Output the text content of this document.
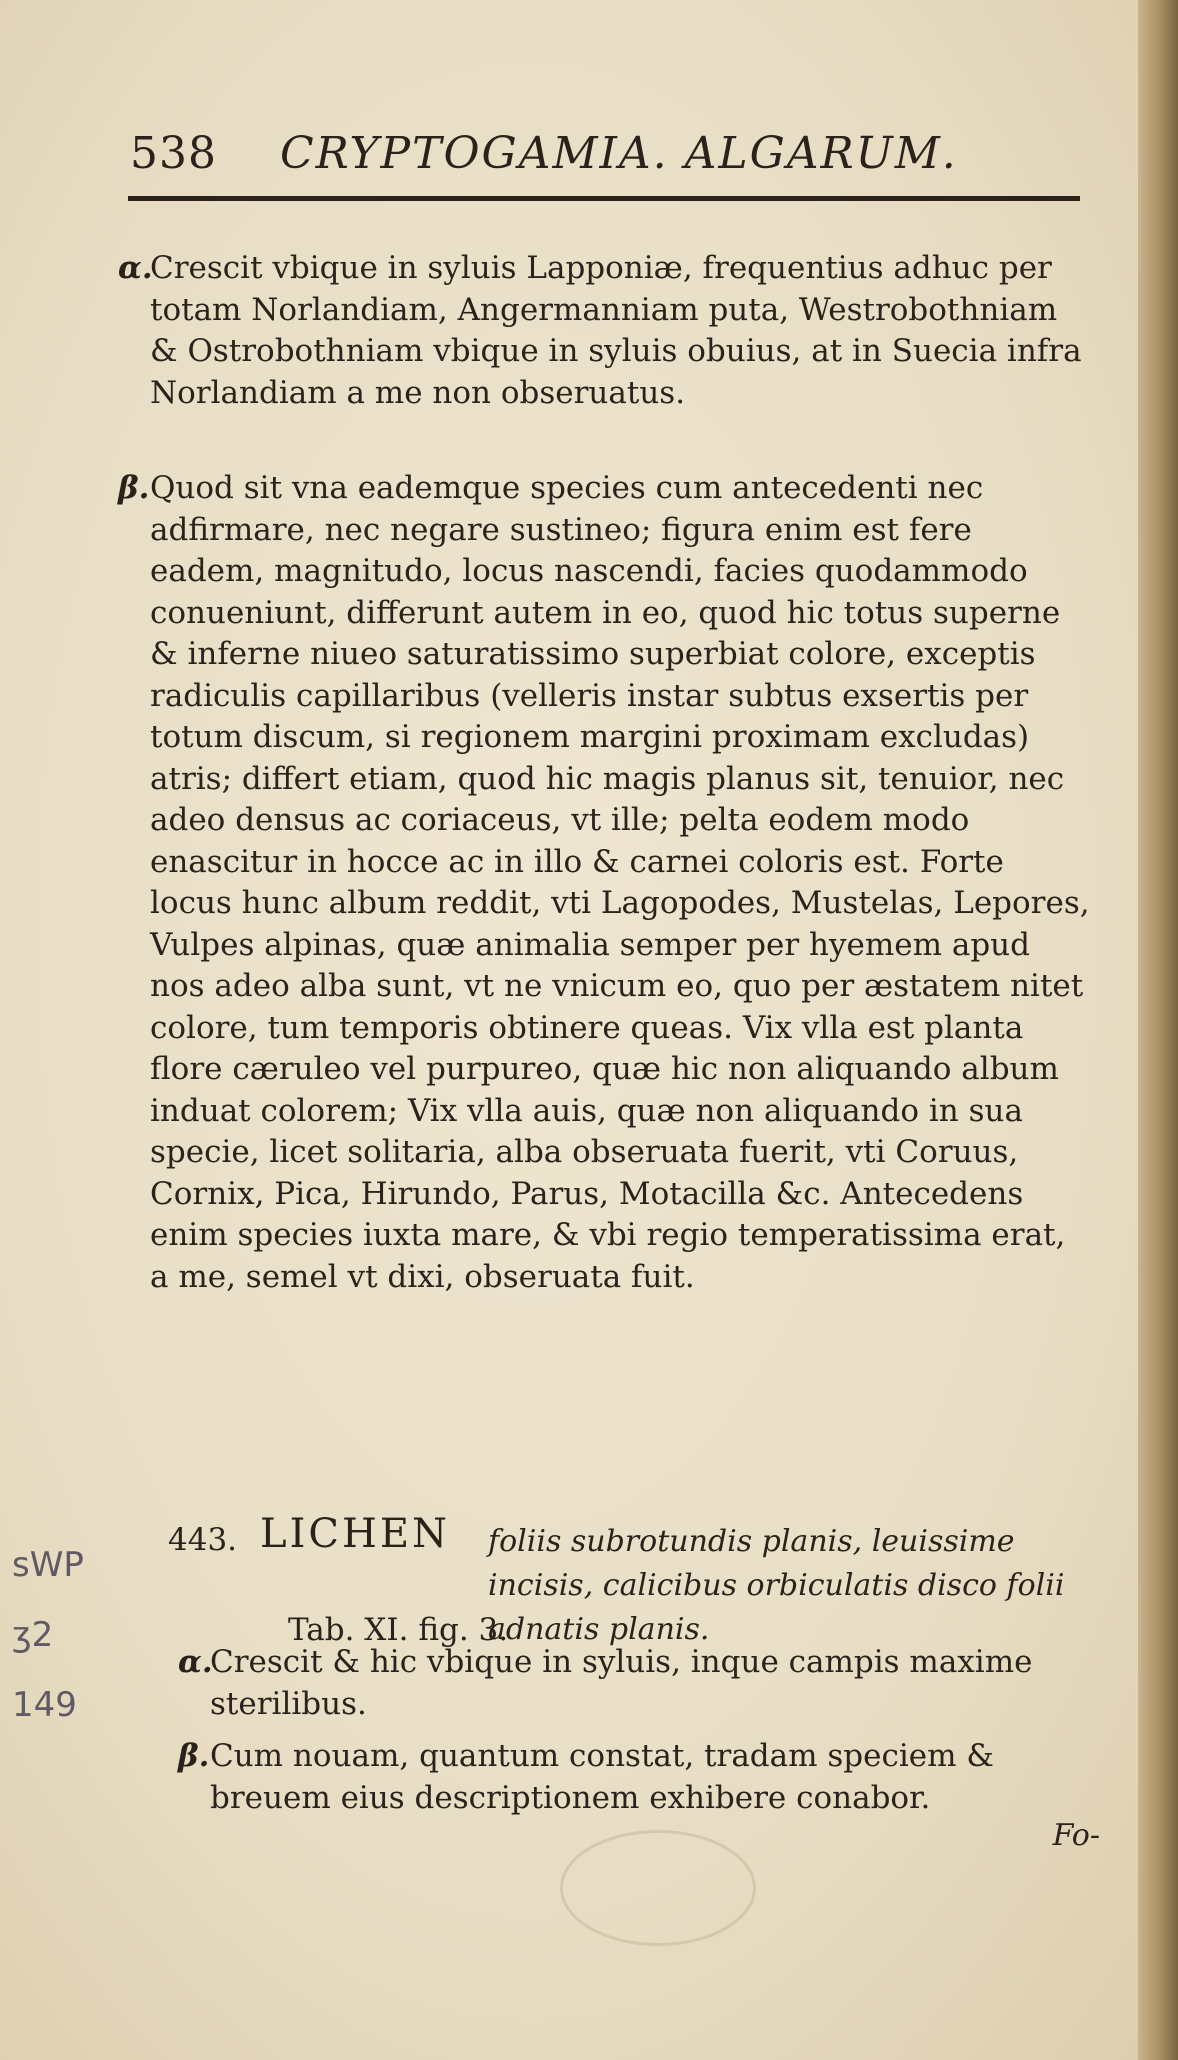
538 CRYPTOGAMIA. ALGARUM.

α.
Crescit vbique in syluis Lapponiæ, frequentius adhuc per totam Norlandiam, Angermanniam puta, Westrobothniam & Ostrobothniam vbique in syluis obuius, at in Suecia infra Norlandiam a me non obseruatus.

β. Quod sit vna eademque species cum antecedenti nec adfirmare, nec negare sustineo; figura enim est fere eadem, magnitudo, locus nascendi, facies quodammodo conueniunt, differunt autem in eo, quod hic totus superne & inferne niueo saturatissimo superbiat colore, exceptis radiculis capillaribus (velleris instar subtus exsertis per totum discum, si regionem margini proximam excludas) atris; differt etiam, quod hic magis planus sit, tenuior, nec adeo densus ac coriaceus, vt ille; pelta eodem modo enascitur in hocce ac in illo & carnei coloris est. Forte locus hunc album reddit, vti Lagopodes, Mustelas, Lepores, Vulpes alpinas, quæ animalia semper per hyemem apud nos adeo alba sunt, vt ne vnicum eo, quo per æstatem nitet colore, tum temporis obtinere queas. Vix vlla est planta flore cæruleo vel purpureo, quæ hic non aliquando album induat colorem; Vix vlla auis, quæ non aliquando in sua specie, licet solitaria, alba obseruata fuerit, vti Coruus, Cornix, Pica, Hirundo, Parus, Motacilla &c. Antecedens enim species iuxta mare, & vbi regio temperatissima erat, a me, semel vt dixi, obseruata fuit.

sWP
ʒ2
149
443. LICHEN foliis subrotundis planis, leuissime incisis, calicibus orbiculatis disco folii adnatis planis.
Tab. XI. fig. 3.

α.
Crescit & hic vbique in syluis, inque campis maxime sterilibus.

β. Cum nouam, quantum constat, tradam speciem & breuem eius descriptionem exhibere conabor.

Fo-
